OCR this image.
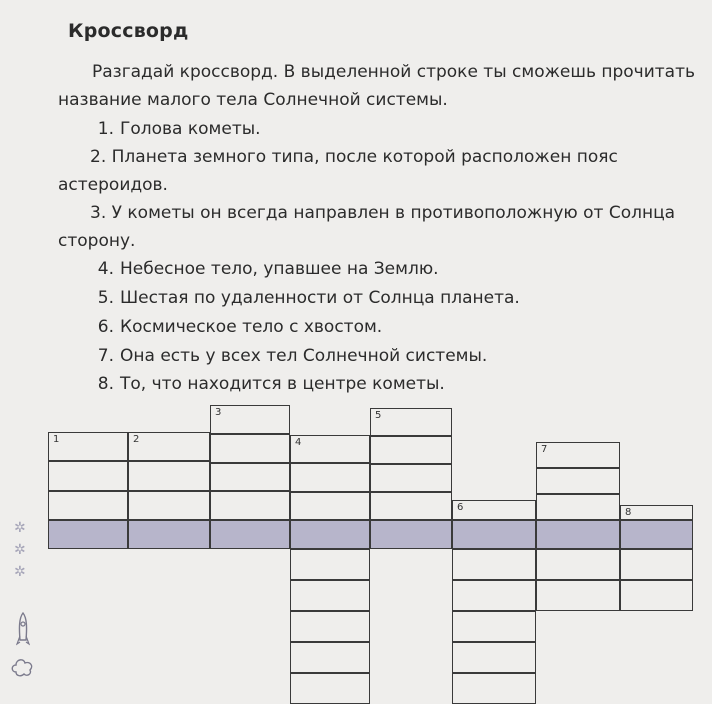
Кроссворд
Разгадай кроссворд. В выделенной строке ты сможешь прочитать название малого тела Солнечной системы.
1. Голова кометы.
2. Планета земного типа, после которой расположен пояс астероидов.
3. У кометы он всегда направлен в противоположную от Солнца сторону.
4. Небесное тело, упавшее на Землю.
5. Шестая по удаленности от Солнца планета.
6. Космическое тело с хвостом.
7. Она есть у всех тел Солнечной системы.
8. То, что находится в центре кометы.
1	2
3
4
5
6
7
8
✲
✲
✲
